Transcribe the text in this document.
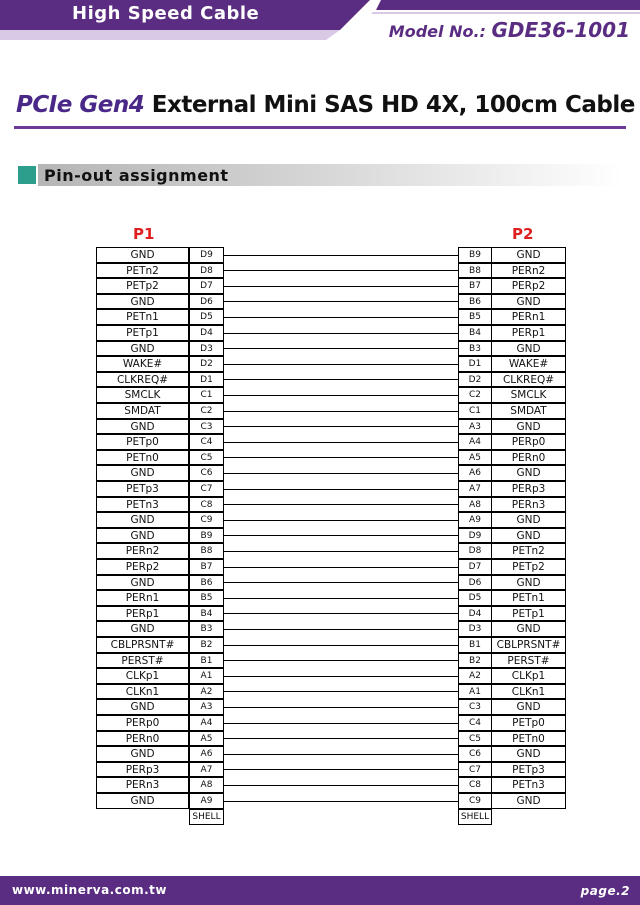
High Speed Cable
Model No.: GDE36-1001
PCIe Gen4 External Mini SAS HD 4X, 100cm Cable
Pin-out assignment
P1	P2
GND	D9	B9	GND
PETn2	D8	B8	PERn2
PETp2	D7	B7	PERp2
GND	D6	B6	GND
PETn1	D5	B5	PERn1
PETp1	D4	B4	PERp1
GND	D3	B3	GND
WAKE#	D2	D1	WAKE#
CLKREQ#	D1	D2	CLKREQ#
SMCLK	C1	C2	SMCLK
SMDAT	C2	C1	SMDAT
GND	C3	A3	GND
PETp0	C4	A4	PERp0
PETn0	C5	A5	PERn0
GND	C6	A6	GND
PETp3	C7	A7	PERp3
PETn3	C8	A8	PERn3
GND	C9	A9	GND
GND	B9	D9	GND
PERn2	B8	D8	PETn2
PERp2	B7	D7	PETp2
GND	B6	D6	GND
PERn1	B5	D5	PETn1
PERp1	B4	D4	PETp1
GND	B3	D3	GND
CBLPRSNT#	B2	B1	CBLPRSNT#
PERST#	B1	B2	PERST#
CLKp1	A1	A2	CLKp1
CLKn1	A2	A1	CLKn1
GND	A3	C3	GND
PERp0	A4	C4	PETp0
PERn0	A5	C5	PETn0
GND	A6	C6	GND
PERp3	A7	C7	PETp3
PERn3	A8	C8	PETn3
GND	A9	C9	GND
SHELL	SHELL
www.minerva.com.tw	page.2
